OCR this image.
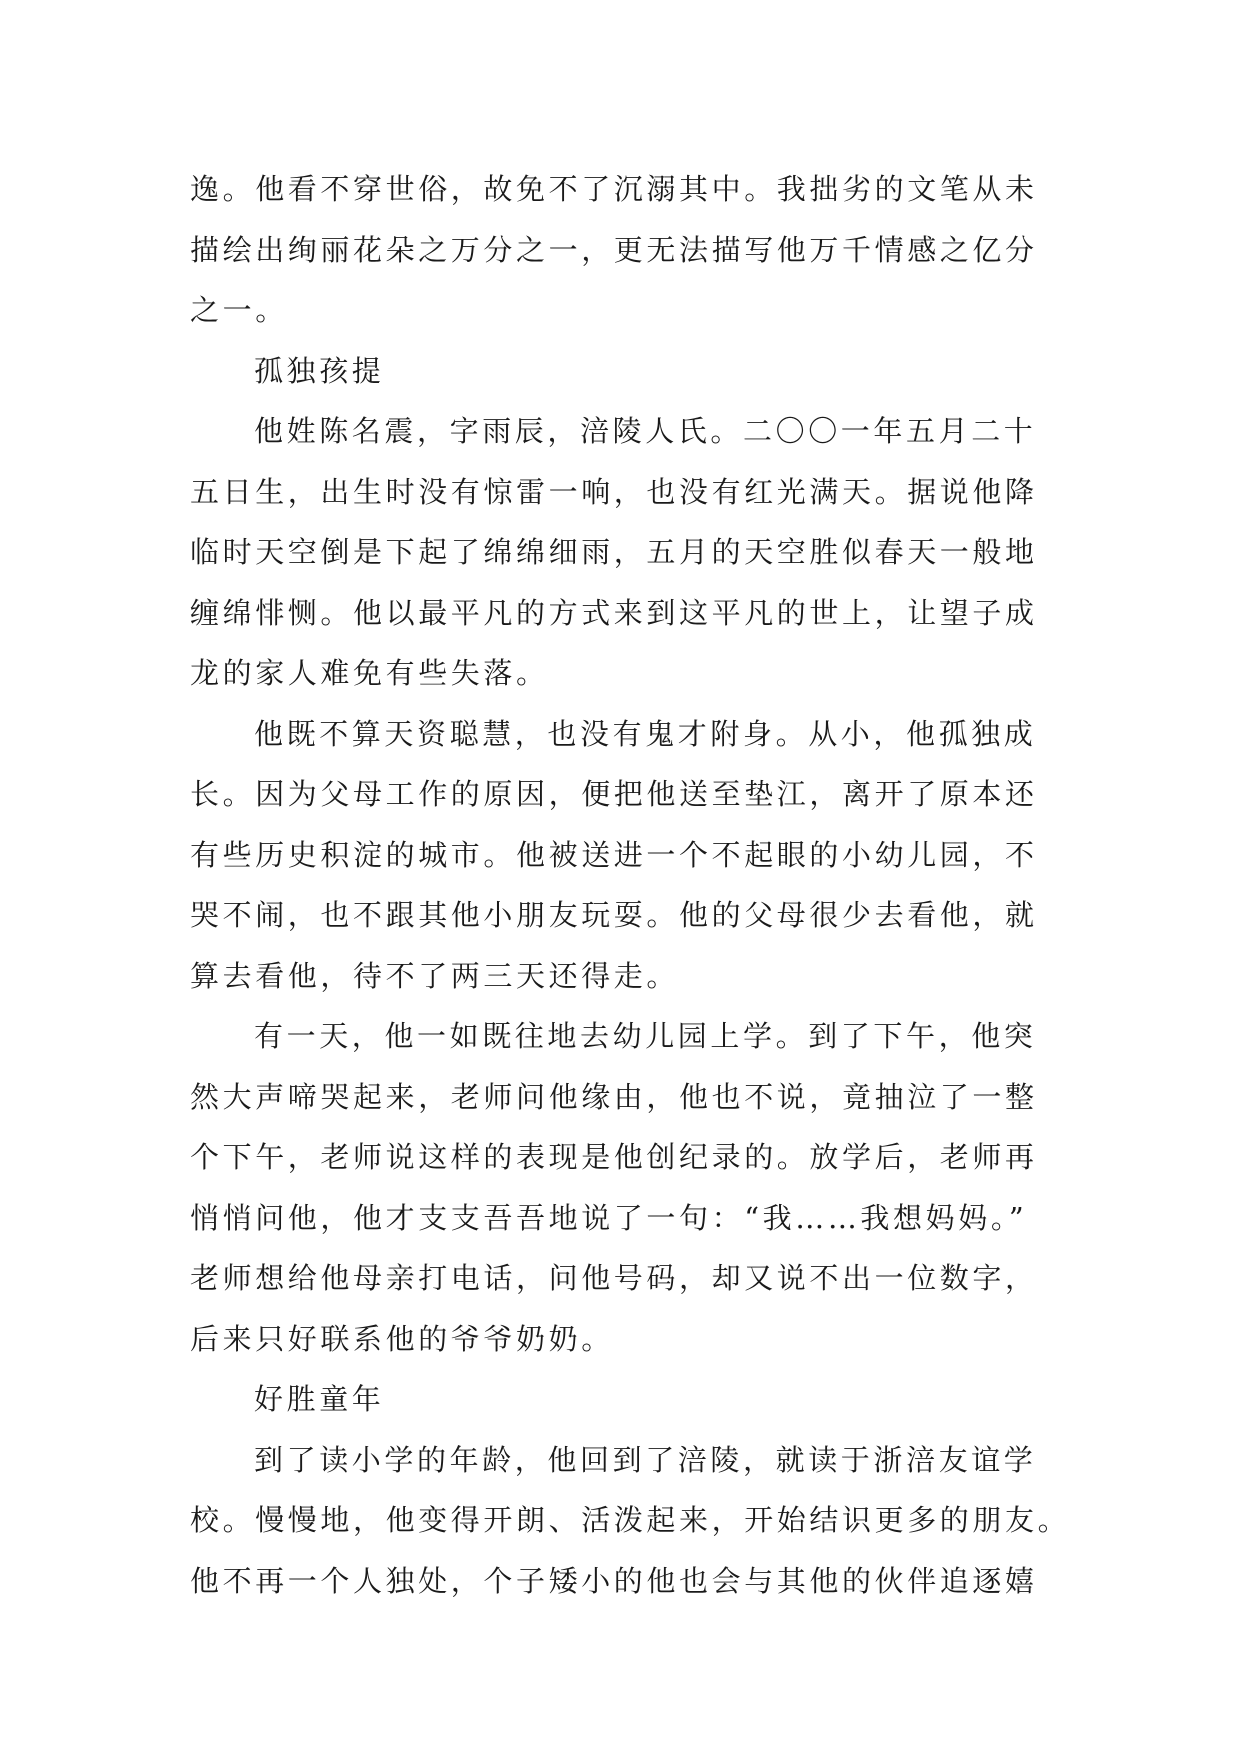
逸。他看不穿世俗，故免不了沉溺其中。我拙劣的文笔从未
描绘出绚丽花朵之万分之一，更无法描写他万千情感之亿分
之一。
孤独孩提
他姓陈名震，字雨辰，涪陵人氏。二〇〇一年五月二十
五日生，出生时没有惊雷一响，也没有红光满天。据说他降
临时天空倒是下起了绵绵细雨，五月的天空胜似春天一般地
缠绵悱恻。他以最平凡的方式来到这平凡的世上，让望子成
龙的家人难免有些失落。
他既不算天资聪慧，也没有鬼才附身。从小，他孤独成
长。因为父母工作的原因，便把他送至垫江，离开了原本还
有些历史积淀的城市。他被送进一个不起眼的小幼儿园，不
哭不闹，也不跟其他小朋友玩耍。他的父母很少去看他，就
算去看他，待不了两三天还得走。
有一天，他一如既往地去幼儿园上学。到了下午，他突
然大声啼哭起来，老师问他缘由，他也不说，竟抽泣了一整
个下午，老师说这样的表现是他创纪录的。放学后，老师再
悄悄问他，他才支支吾吾地说了一句：“我……我想妈妈。”
老师想给他母亲打电话，问他号码，却又说不出一位数字，
后来只好联系他的爷爷奶奶。
好胜童年
到了读小学的年龄，他回到了涪陵，就读于浙涪友谊学
校。慢慢地，他变得开朗、活泼起来，开始结识更多的朋友。
他不再一个人独处，个子矮小的他也会与其他的伙伴追逐嬉
